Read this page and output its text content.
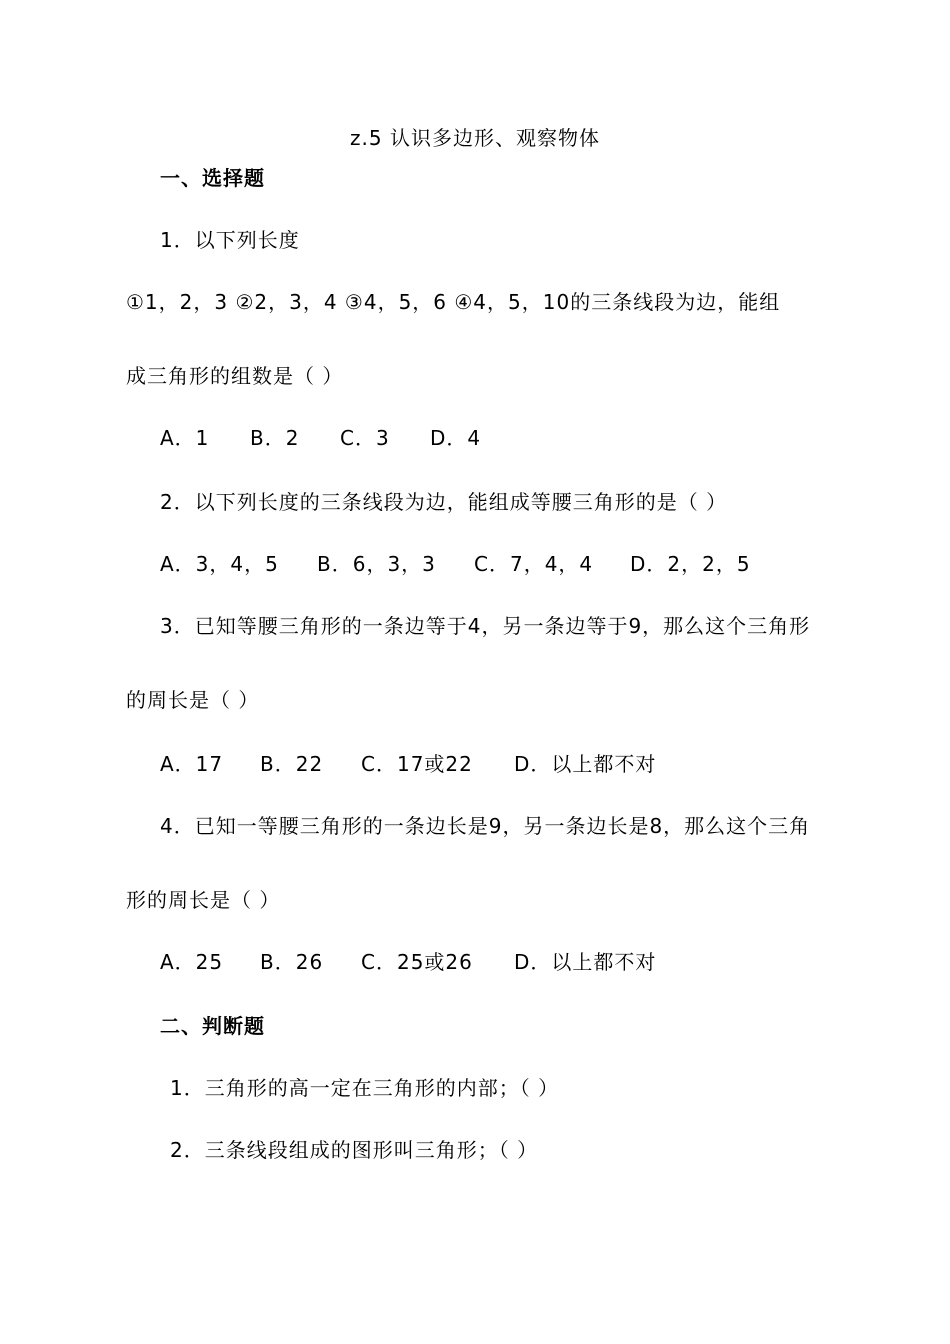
z.5 认识多边形、观察物体
一、选择题
1．以下列长度
①1，2，3 ②2，3，4 ③4，5，6 ④4，5，10的三条线段为边，能组
成三角形的组数是（ ）
A．1 B．2 C．3 D．4
2．以下列长度的三条线段为边，能组成等腰三角形的是（ ）
A．3，4，5 B．6，3，3 C．7，4，4 D．2，2，5
3．已知等腰三角形的一条边等于4，另一条边等于9，那么这个三角形
的周长是（ ）
A．17 B．22 C．17或22 D．以上都不对
4．已知一等腰三角形的一条边长是9，另一条边长是8，那么这个三角
形的周长是（ ）
A．25 B．26 C．25或26 D．以上都不对
二、判断题
1．三角形的高一定在三角形的内部；（ ）
2．三条线段组成的图形叫三角形；（ ）
